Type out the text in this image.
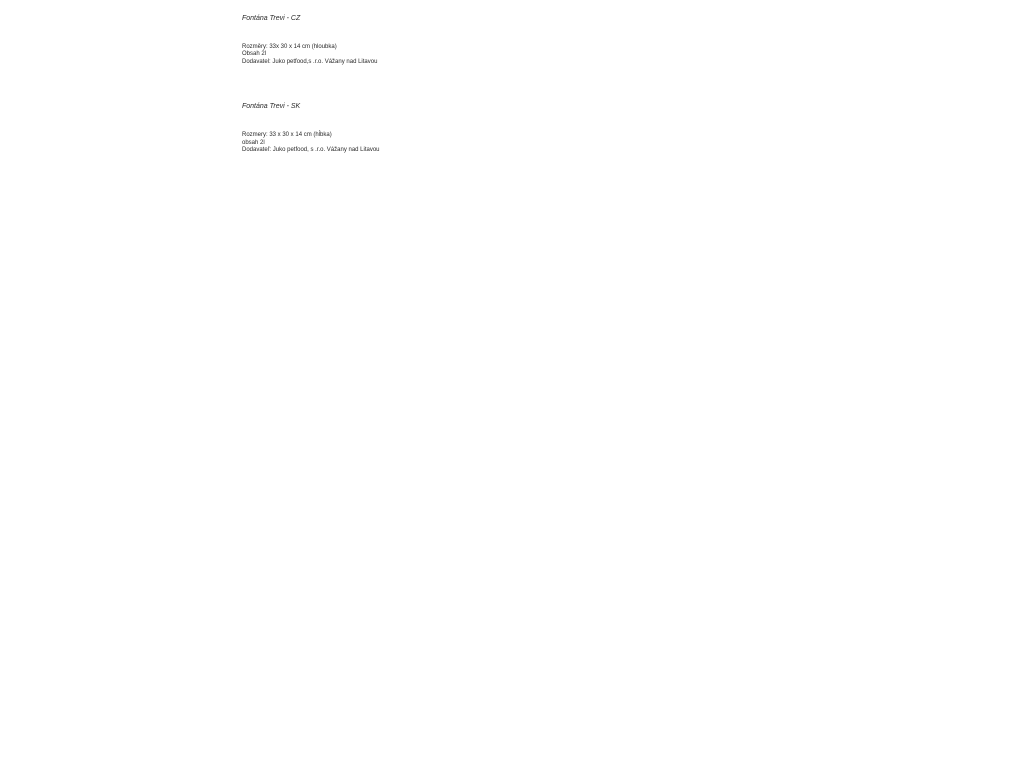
Fontána Trevi - CZ

Rozměry: 33x 30 x 14 cm (hloubka)

Obsah 2l

Dodavatel: Juko petfood,s .r.o. Vážany nad Litavou

Fontána Trevi - SK

Rozmery: 33 x 30 x 14 cm (hĺbka)

obsah 2l

Dodavateľ: Juko petfood, s .r.o. Vážany nad Litavou
